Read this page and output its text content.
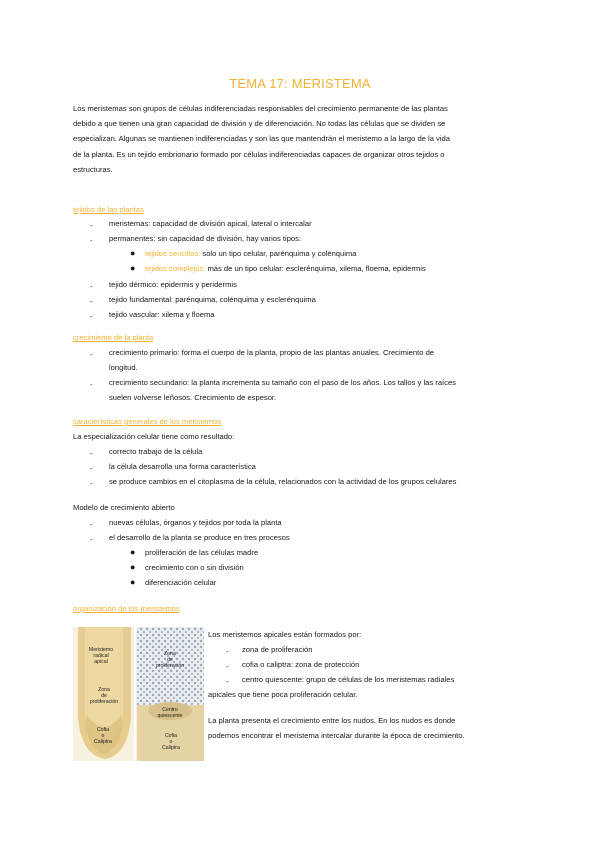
TEMA 17: MERISTEMA
Los meristemas son grupos de células indiferenciadas responsables del crecimiento permanente de las plantas
debido a que tienen una gran capacidad de división y de diferenciación. No todas las células que se dividen se
especializan. Algunas se mantienen indiferenciadas y son las que mantendrán el meristemo a la largo de la vida
de la planta. Es un tejido embrionario formado por células indiferenciadas capaces de organizar otros tejidos o
estructuras.
tejidos de las plantas
- meristemas: capacidad de división apical, lateral o intercalar
- permanentes: sin capacidad de división, hay varios tipos:
● tejidos sencillos: solo un tipo celular, parénquima y colénquima
● tejidos complejos: más de un tipo celular: esclerénquima, xilema, floema, epidermis
- tejido dérmico: epidermis y peridermis
- tejido fundamental: parénquima, colénquima y esclerénquima
- tejido vascular: xilema y floema
crecimiento de la planta
- crecimiento primario: forma el cuerpo de la planta, propio de las plantas anuales. Crecimiento de
longitud.
- crecimiento secundario: la planta incrementa su tamaño con el paso de los años. Los tallos y las raíces
suelen volverse leñosos. Crecimiento de espesor.
características generales de los meristemos
La especialización celular tiene como resultado:
- correcto trabajo de la célula
- la célula desarrolla una forma característica
- se produce cambios en el citoplasma de la célula, relacionados con la actividad de los grupos celulares
Modelo de crecimiento abierto
- nuevas células, órganos y tejidos por toda la planta
- el desarrollo de la planta se produce en tres procesos
● proliferación de las células madre
● crecimiento con o sin división
● diferenciación celular
organización de los meristemos
Meristemo
radical
apical
Zona
de
proliferación
Cofia
o
Caliptra
Zona
de
proliferación
Centro
quiescente
Cofia
o
Caliptra
Los meristemos apicales están formados por:
- zona de proliferación
- cofia o caliptra: zona de protección
- centro quiescente: grupo de células de los meristemas radiales
apicales que tiene poca proliferación celular.
La planta presenta el crecimiento entre los nudos. En los nudos es donde
podemos encontrar el meristema intercalar durante la época de crecimiento.
